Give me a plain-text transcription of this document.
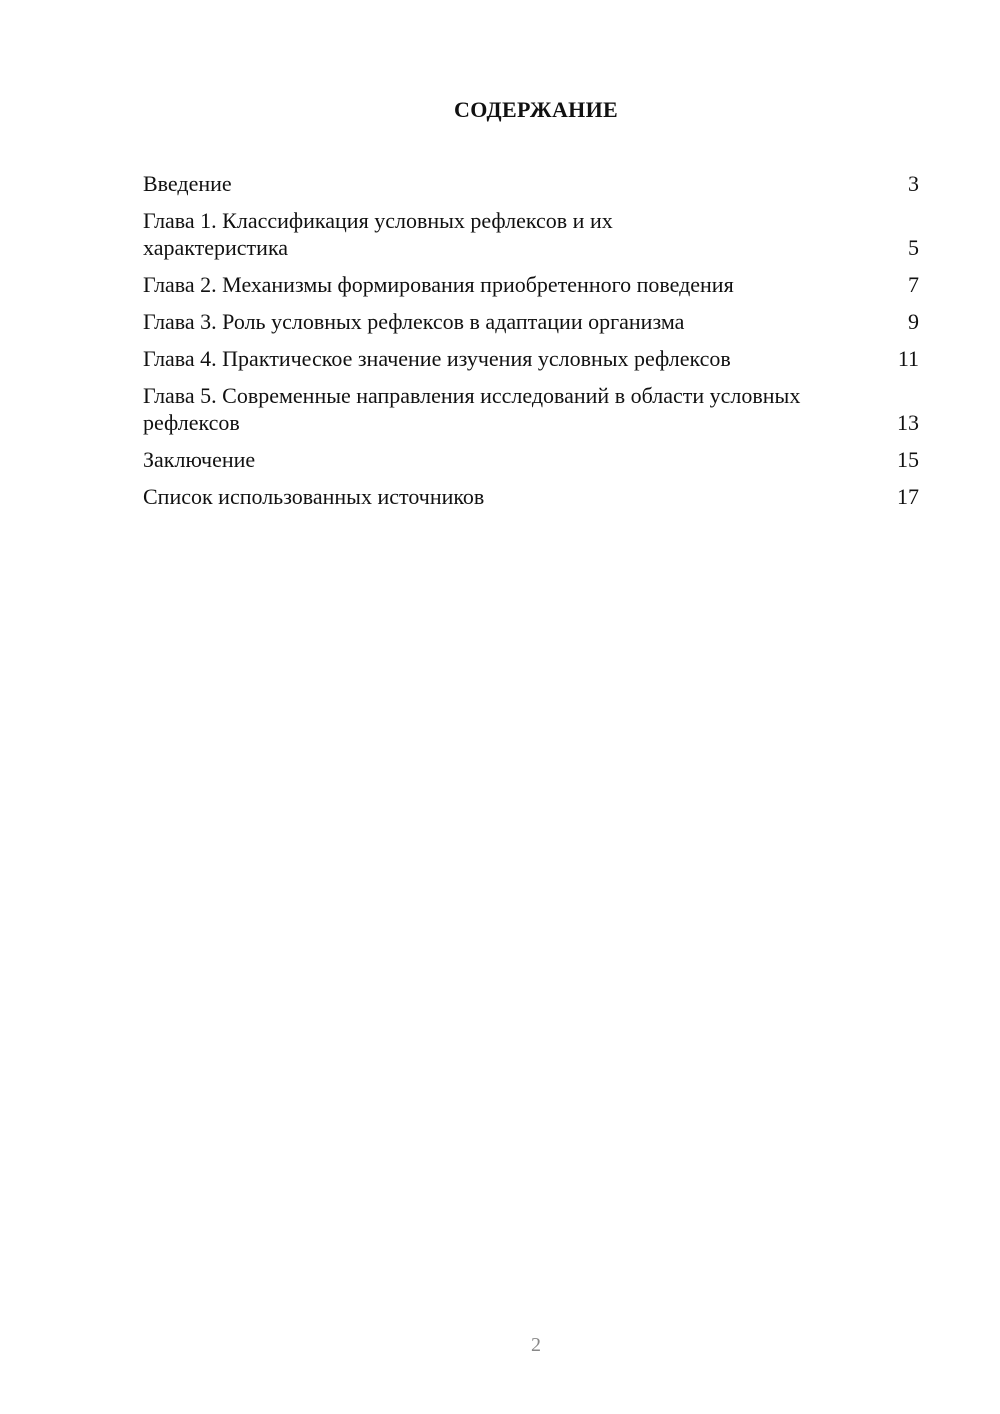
СОДЕРЖАНИЕ
Введение	3
Глава 1. Классификация условных рефлексов и их характеристика	5
Глава 2. Механизмы формирования приобретенного поведения	7
Глава 3. Роль условных рефлексов в адаптации организма	9
Глава 4. Практическое значение изучения условных рефлексов	11
Глава 5. Современные направления исследований в области условных рефлексов	13
Заключение	15
Список использованных источников	17
2
